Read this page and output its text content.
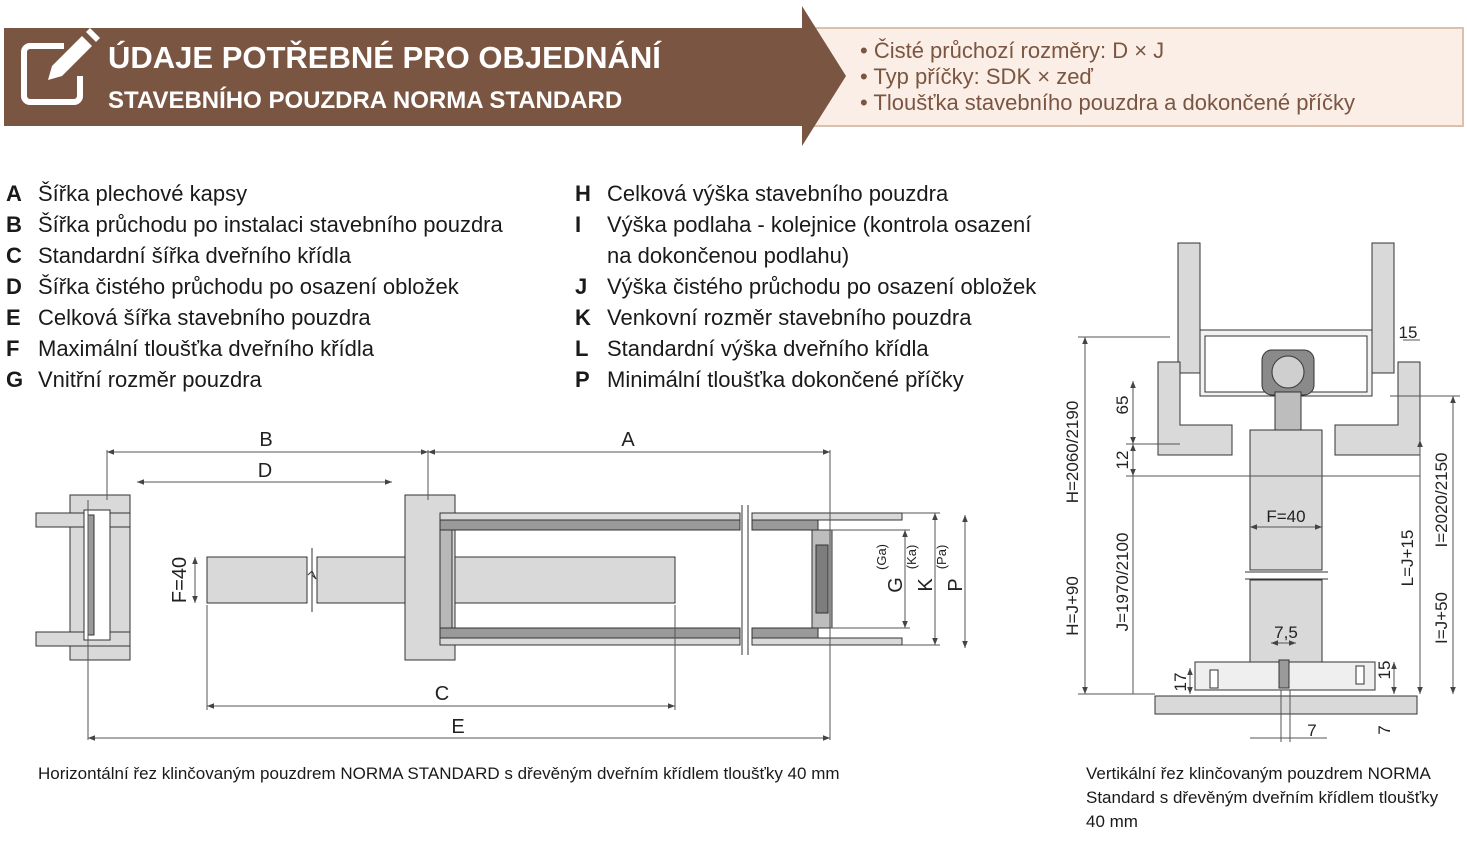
ÚDAJE POTŘEBNÉ PRO OBJEDNÁNÍ
STAVEBNÍHO POUZDRA NORMA STANDARD
• Čisté průchozí rozměry: D × J
• Typ příčky: SDK × zeď
• Tloušťka stavebního pouzdra a dokončené příčky
A Šířka plechové kapsy
B Šířka průchodu po instalaci stavebního pouzdra
C Standardní šířka dveřního křídla
D Šířka čistého průchodu po osazení obložek
E Celková šířka stavebního pouzdra
F Maximální tloušťka dveřního křídla
G Vnitřní rozměr pouzdra
H Celková výška stavebního pouzdra
I Výška podlaha - kolejnice (kontrola osazení
na dokončenou podlahu)
J Výška čistého průchodu po osazení obložek
K Venkovní rozměr stavebního pouzdra
L Standardní výška dveřního křídla
P Minimální tloušťka dokončené příčky
B	A
D
C
E
F=40	G
(Ga)
K
(Ka)
P
(Pa)
H=2060/2190
H=J+90 J=1970/2100
65
12
17
F=40
15
L=J+15
I=2020/2150
I=J+50
7,5
15
7	7
Horizontální řez klinčovaným pouzdrem NORMA STANDARD s dřevěným dveřním křídlem tloušťky 40 mm	Vertikální řez klinčovaným pouzdrem NORMA Standard s dřevěným dveřním křídlem tloušťky 40 mm
